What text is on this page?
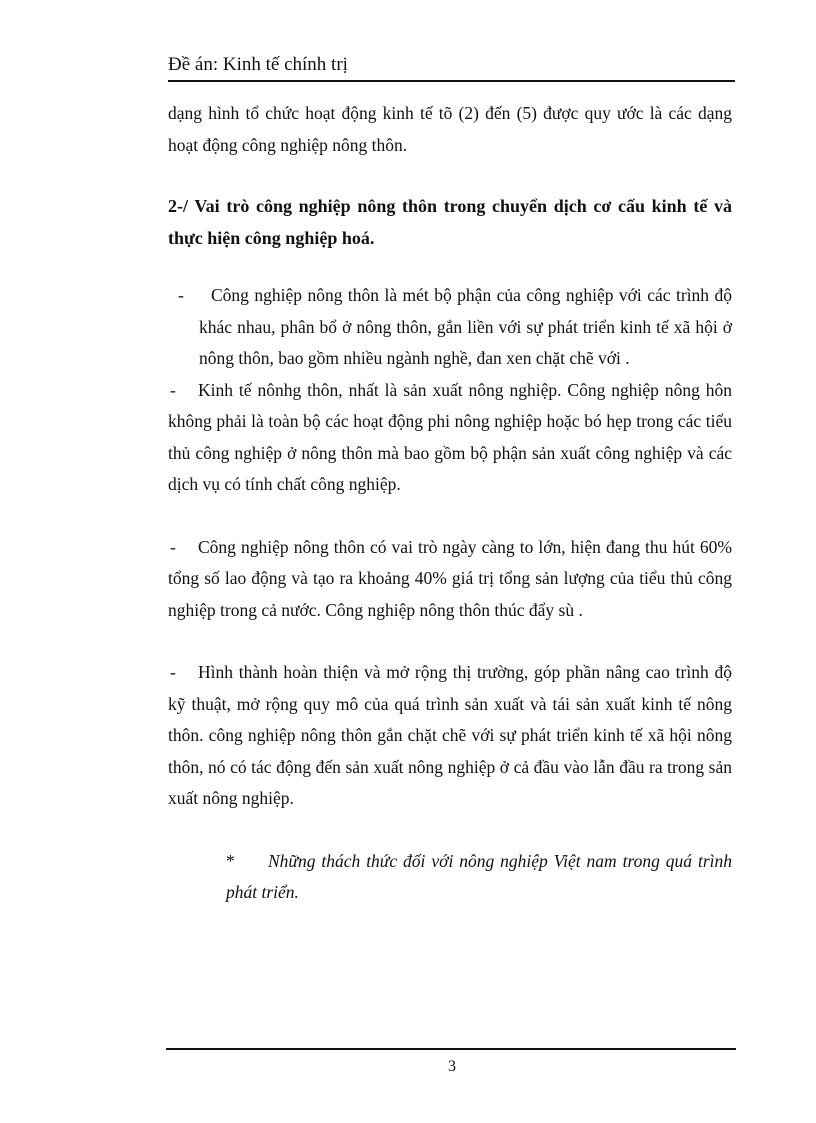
Đề án: Kinh tế chính trị

dạng hình tổ chức hoạt động kinh tế tõ (2) đến (5) được quy ước là các dạng hoạt động công nghiệp nông thôn.

2-/ Vai trò công nghiệp nông thôn trong chuyển dịch cơ cấu kinh tế và thực hiện công nghiệp hoá.

- Công nghiệp nông thôn là mét bộ phận của công nghiệp với các trình độ khác nhau, phân bổ ở nông thôn, gắn liền với sự phát triển kinh tế xã hội ở nông thôn, bao gồm nhiều ngành nghề, đan xen chặt chẽ với .

- Kinh tế nônhg thôn, nhất là sản xuất nông nghiệp. Công nghiệp nông hôn không phải là toàn bộ các hoạt động phi nông nghiệp hoặc bó hẹp trong các tiểu thủ công nghiệp ở nông thôn mà bao gồm bộ phận sản xuất công nghiệp và các dịch vụ có tính chất công nghiệp.

- Công nghiệp nông thôn có vai trò ngày càng to lớn, hiện đang thu hút 60% tổng số lao động và tạo ra khoảng 40% giá trị tổng sản lượng của tiểu thủ công nghiệp trong cả nước. Công nghiệp nông thôn thúc đẩy sù .

- Hình thành hoàn thiện và mở rộng thị trường, góp phần nâng cao trình độ kỹ thuật, mở rộng quy mô của quá trình sản xuất và tái sản xuất kinh tế nông thôn. công nghiệp nông thôn gắn chặt chẽ với sự phát triển kinh tế xã hội nông thôn, nó có tác động đến sản xuất nông nghiệp ở cả đầu vào lẫn đầu ra trong sản xuất nông nghiệp.

* Những thách thức đối với nông nghiệp Việt nam trong quá trình phát triển.

3
